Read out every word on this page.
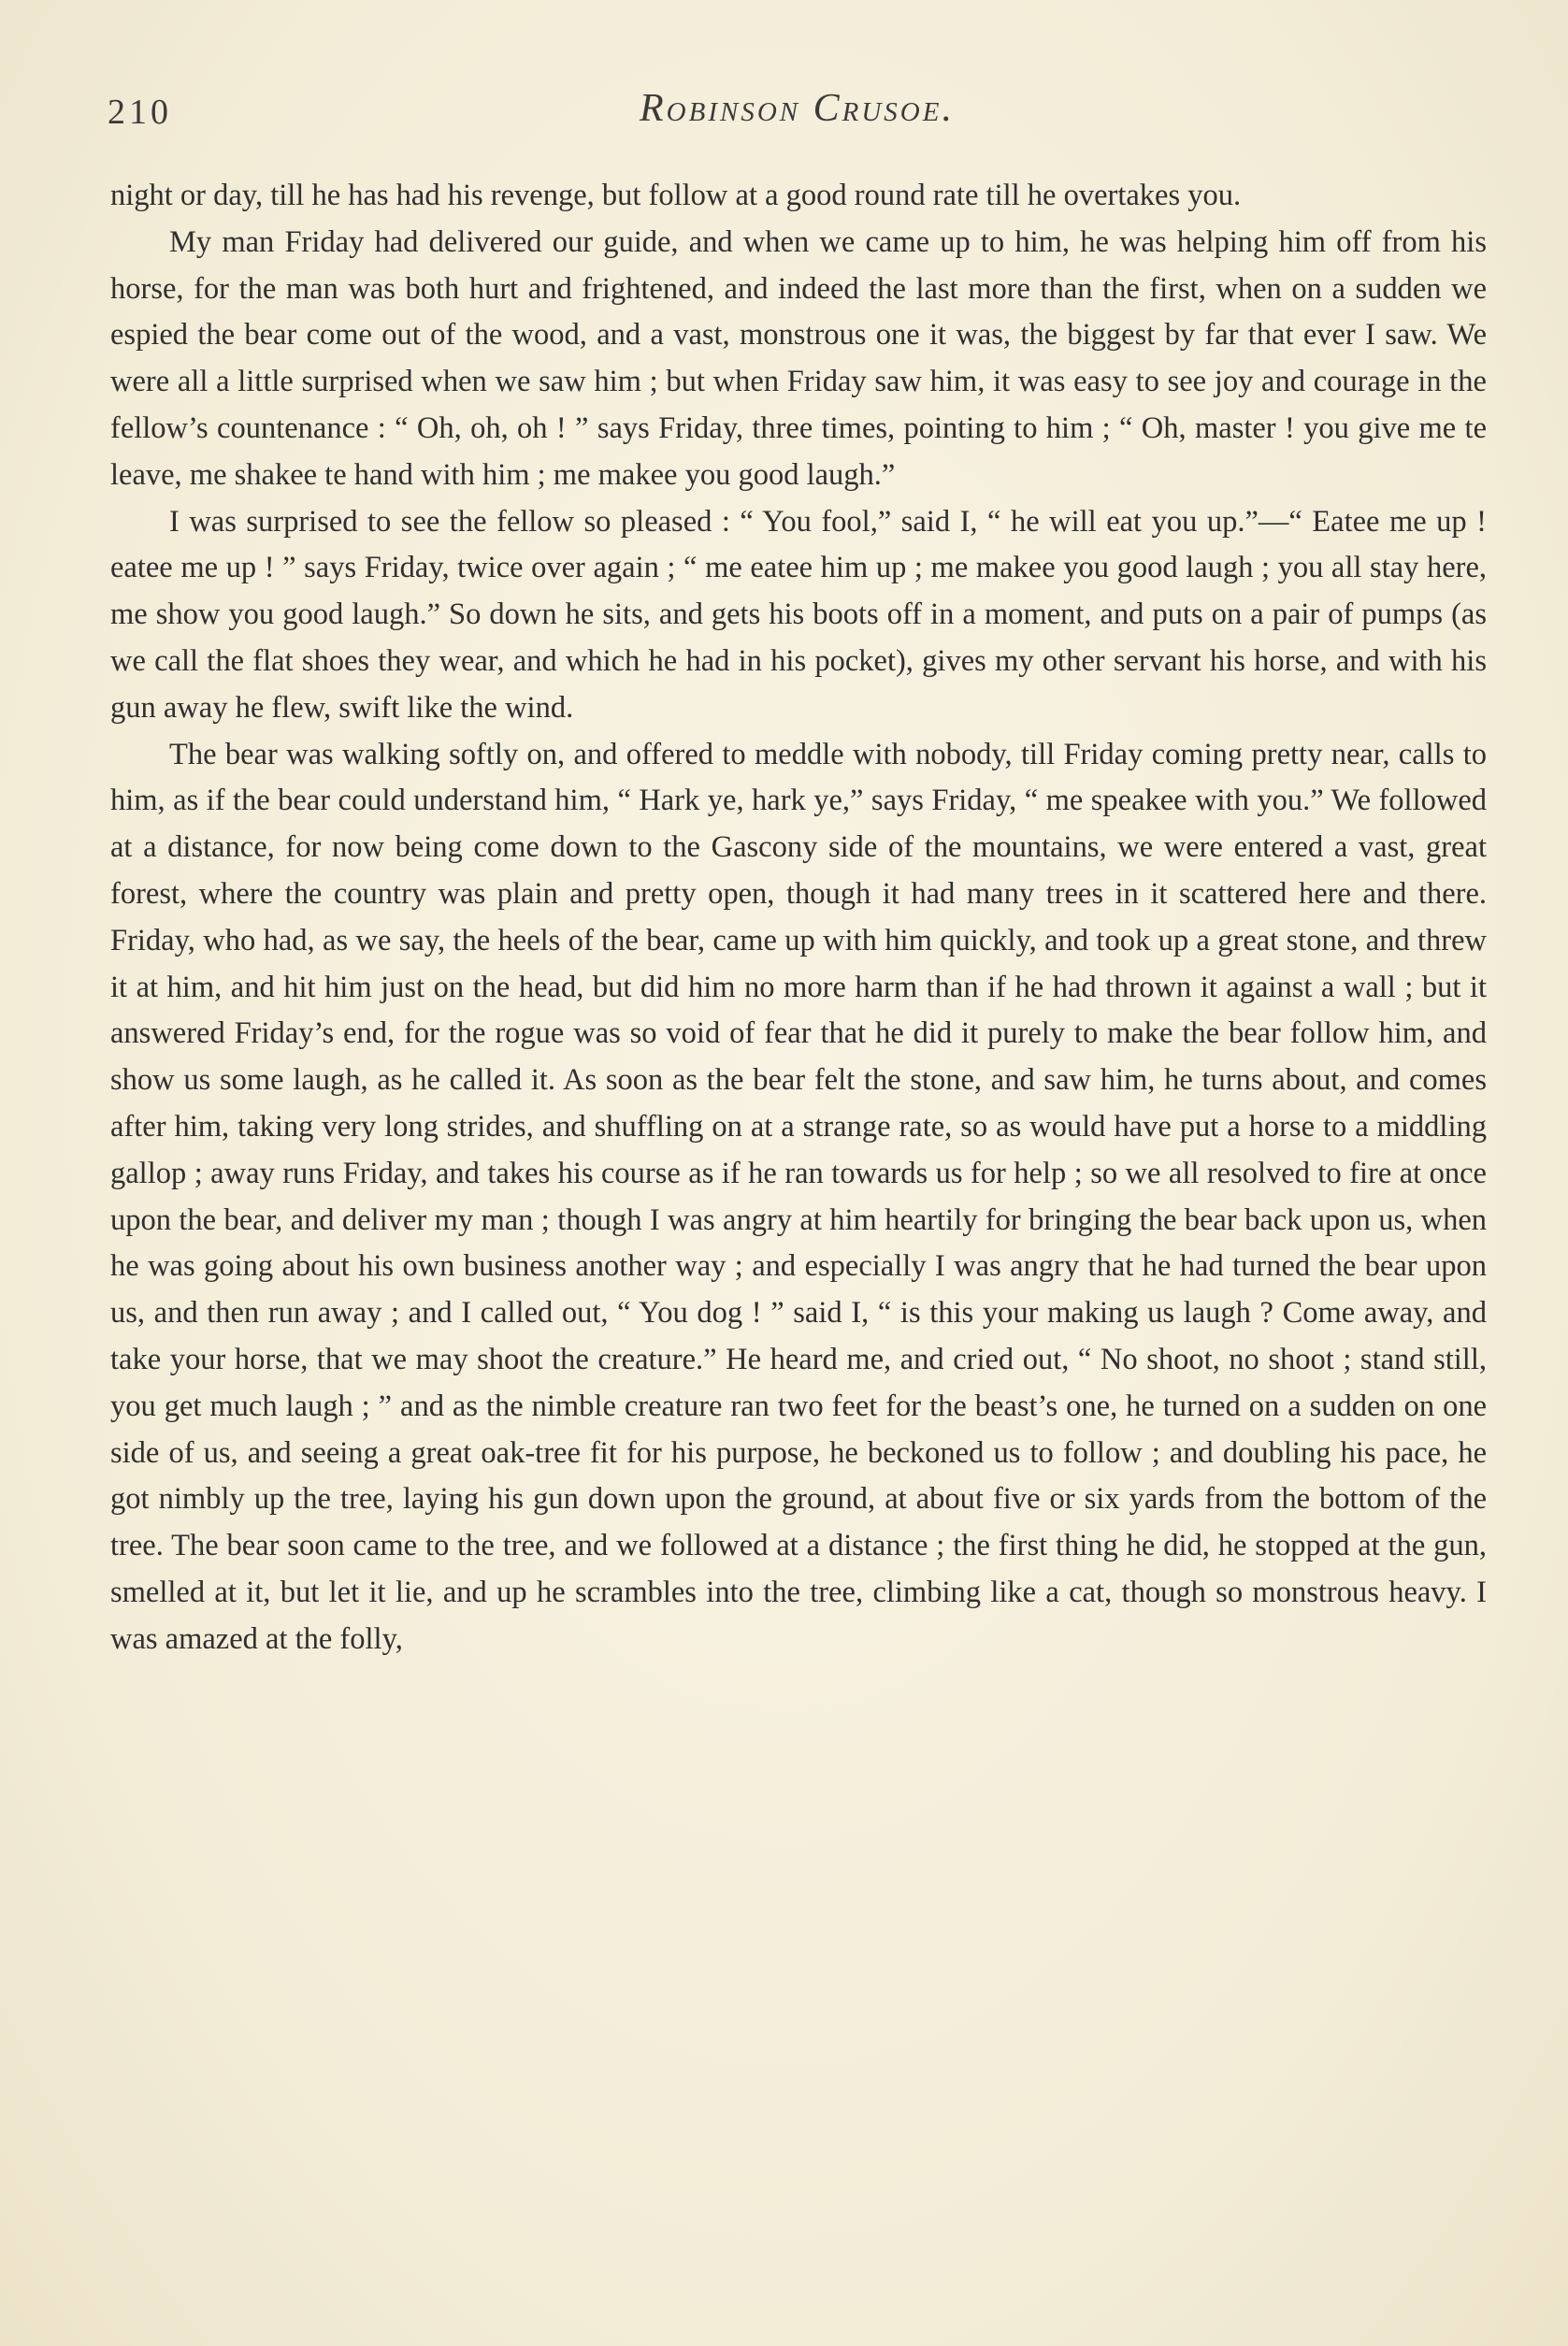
210	Robinson Crusoe.

night or day, till he has had his revenge, but follow at a good round rate till he overtakes you.

My man Friday had delivered our guide, and when we came up to him, he was helping him off from his horse, for the man was both hurt and frightened, and indeed the last more than the first, when on a sudden we espied the bear come out of the wood, and a vast, monstrous one it was, the biggest by far that ever I saw. We were all a little surprised when we saw him ; but when Friday saw him, it was easy to see joy and courage in the fellow’s countenance : “ Oh, oh, oh ! ” says Friday, three times, pointing to him ; “ Oh, master ! you give me te leave, me shakee te hand with him ; me makee you good laugh.”

I was surprised to see the fellow so pleased : “ You fool,” said I, “ he will eat you up.”—“ Eatee me up ! eatee me up ! ” says Friday, twice over again ; “ me eatee him up ; me makee you good laugh ; you all stay here, me show you good laugh.” So down he sits, and gets his boots off in a moment, and puts on a pair of pumps (as we call the flat shoes they wear, and which he had in his pocket), gives my other servant his horse, and with his gun away he flew, swift like the wind.

The bear was walking softly on, and offered to meddle with nobody, till Friday coming pretty near, calls to him, as if the bear could understand him, “ Hark ye, hark ye,” says Friday, “ me speakee with you.” We followed at a distance, for now being come down to the Gascony side of the mountains, we were entered a vast, great forest, where the country was plain and pretty open, though it had many trees in it scattered here and there. Friday, who had, as we say, the heels of the bear, came up with him quickly, and took up a great stone, and threw it at him, and hit him just on the head, but did him no more harm than if he had thrown it against a wall ; but it answered Friday’s end, for the rogue was so void of fear that he did it purely to make the bear follow him, and show us some laugh, as he called it. As soon as the bear felt the stone, and saw him, he turns about, and comes after him, taking very long strides, and shuffling on at a strange rate, so as would have put a horse to a middling gallop ; away runs Friday, and takes his course as if he ran towards us for help ; so we all resolved to fire at once upon the bear, and deliver my man ; though I was angry at him heartily for bringing the bear back upon us, when he was going about his own business another way ; and especially I was angry that he had turned the bear upon us, and then run away ; and I called out, “ You dog ! ” said I, “ is this your making us laugh ? Come away, and take your horse, that we may shoot the creature.” He heard me, and cried out, “ No shoot, no shoot ; stand still, you get much laugh ; ” and as the nimble creature ran two feet for the beast’s one, he turned on a sudden on one side of us, and seeing a great oak-tree fit for his purpose, he beckoned us to follow ; and doubling his pace, he got nimbly up the tree, laying his gun down upon the ground, at about five or six yards from the bottom of the tree. The bear soon came to the tree, and we followed at a distance ; the first thing he did, he stopped at the gun, smelled at it, but let it lie, and up he scrambles into the tree, climbing like a cat, though so monstrous heavy. I was amazed at the folly,
